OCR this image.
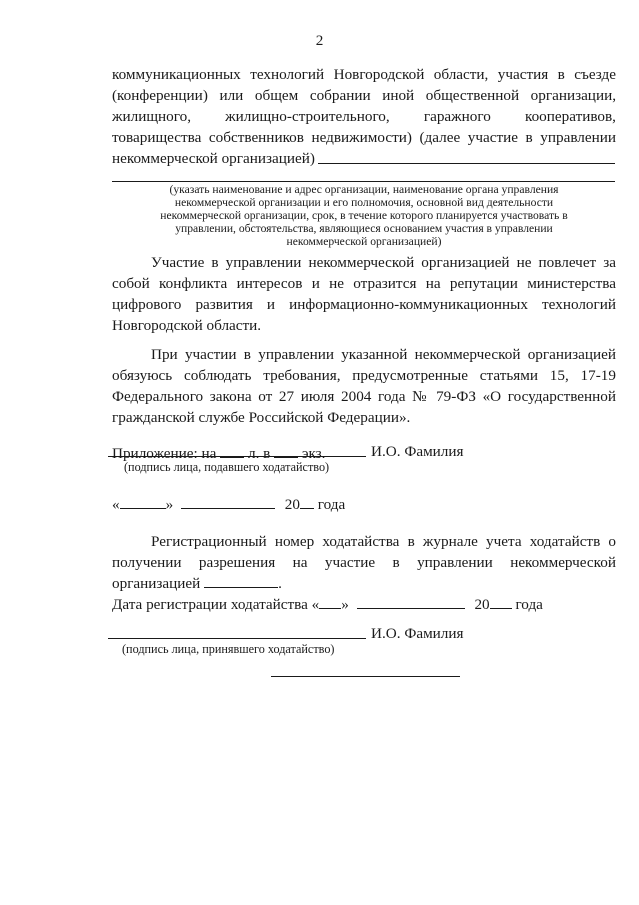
2
коммуникационных технологий Новгородской области, участия в съезде
(конференции) или общем собрании иной общественной организации,
жилищного, жилищно-строительного, гаражного кооперативов,
товарищества собственников недвижимости) (далее участие в управлении
некоммерческой организацией)
(указать наименование и адрес организации, наименование органа управления
некоммерческой организации и его полномочия, основной вид деятельности
некоммерческой организации, срок, в течение которого планируется участвовать в
управлении, обстоятельства, являющиеся основанием участия в управлении
некоммерческой организацией)
Участие в управлении некоммерческой организацией не повлечет за
собой конфликта интересов и не отразится на репутации министерства
цифрового развития и информационно-коммуникационных технологий
Новгородской области.
При участии в управлении указанной некоммерческой организацией
обязуюсь соблюдать требования, предусмотренные статьями 15, 17-19
Федерального закона от 27 июля 2004 года № 79-ФЗ «О государственной
гражданской службе Российской Федерации».
Приложение: на л. в экз.	И.О. Фамилия
(подпись лица, подавшего ходатайство)
«	»	20 года
Регистрационный номер ходатайства в журнале учета ходатайств о
получении разрешения на участие в управлении некоммерческой
организацией	.
Дата регистрации ходатайства « »	20 года
И.О. Фамилия
(подпись лица, принявшего ходатайство)
